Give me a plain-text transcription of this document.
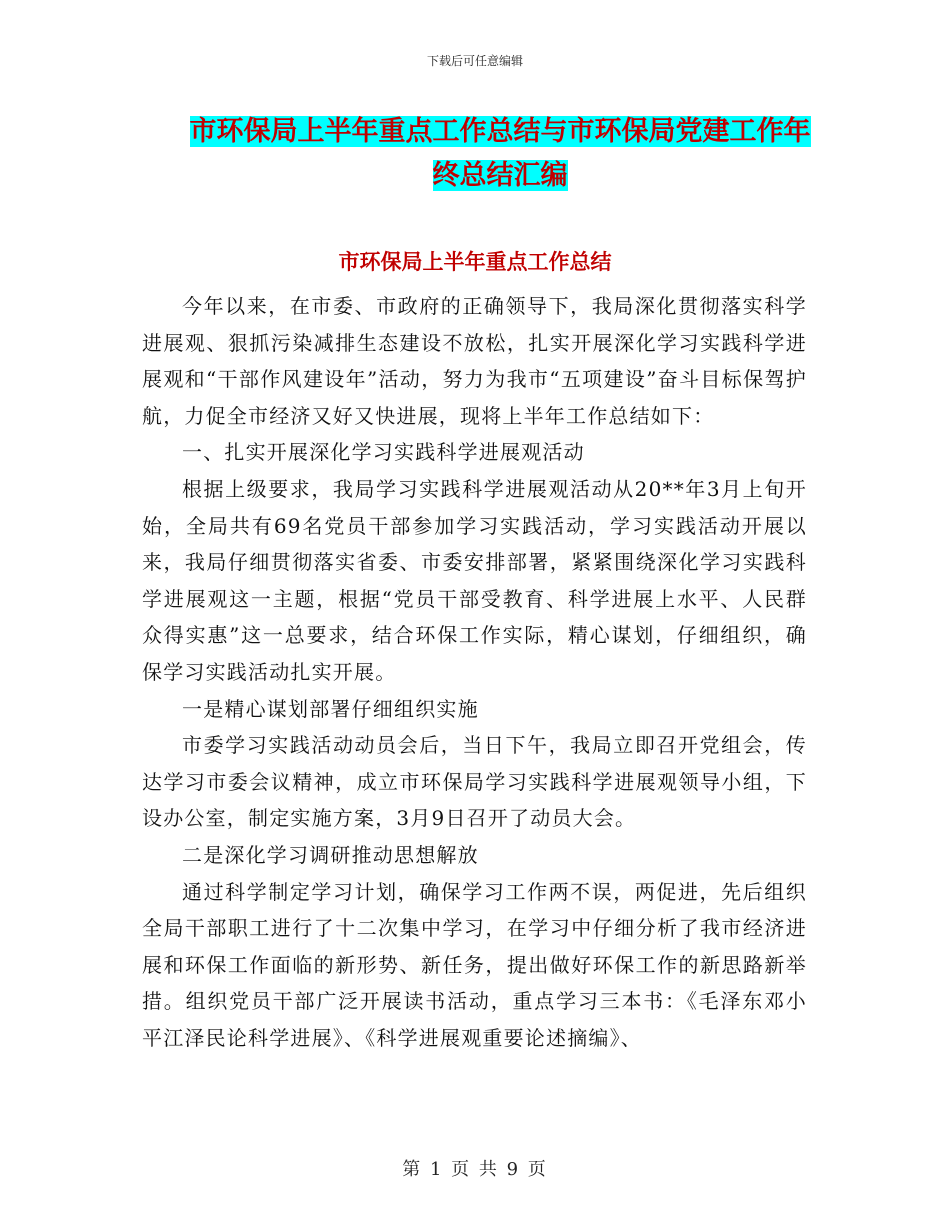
下载后可任意编辑
市环保局上半年重点工作总结与市环保局党建工作年
终总结汇编
市环保局上半年重点工作总结

今年以来，在市委、市政府的正确领导下，我局深化贯彻落实科学进展观、狠抓污染减排生态建设不放松，扎实开展深化学习实践科学进展观和“干部作风建设年”活动，努力为我市“五项建设”奋斗目标保驾护航，力促全市经济又好又快进展，现将上半年工作总结如下：

一、扎实开展深化学习实践科学进展观活动

根据上级要求，我局学习实践科学进展观活动从20**年3月上旬开始，全局共有69名党员干部参加学习实践活动，学习实践活动开展以来，我局仔细贯彻落实省委、市委安排部署，紧紧围绕深化学习实践科学进展观这一主题，根据“党员干部受教育、科学进展上水平、人民群众得实惠”这一总要求，结合环保工作实际，精心谋划，仔细组织，确保学习实践活动扎实开展。

一是精心谋划部署仔细组织实施

市委学习实践活动动员会后，当日下午，我局立即召开党组会，传达学习市委会议精神，成立市环保局学习实践科学进展观领导小组，下设办公室，制定实施方案，3月9日召开了动员大会。

二是深化学习调研推动思想解放

通过科学制定学习计划，确保学习工作两不误，两促进，先后组织全局干部职工进行了十二次集中学习，在学习中仔细分析了我市经济进展和环保工作面临的新形势、新任务，提出做好环保工作的新思路新举措。组织党员干部广泛开展读书活动，重点学习三本书：《毛泽东邓小平江泽民论科学进展》、《科学进展观重要论述摘编》、

第 1 页 共 9 页
